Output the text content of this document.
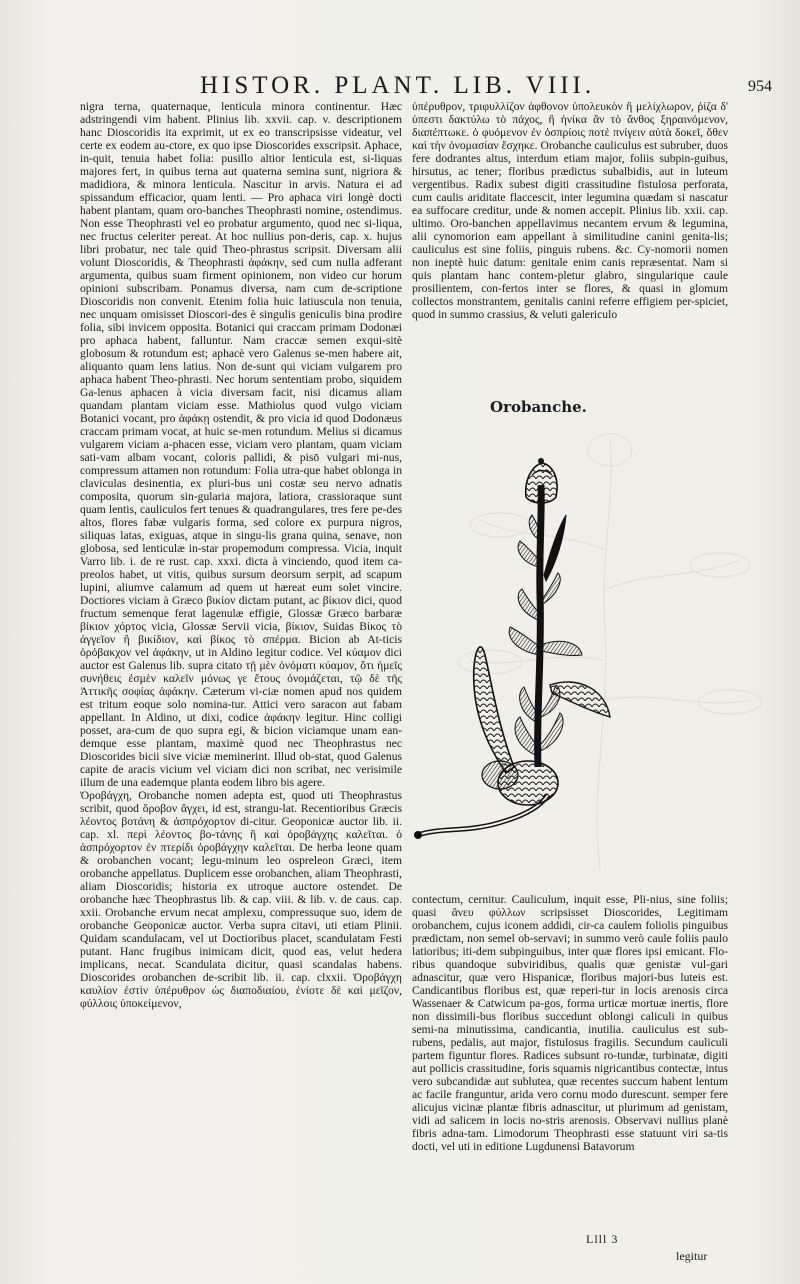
HISTOR. PLANT. LIB. VIII.	954

nigra terna, quaternaque, lenticula minora continentur. Hæc adstringendi vim habent. Plinius lib. xxvii. cap. v. descriptionem hanc Dioscoridis ita exprimit, ut ex eo transcripsisse videatur, vel certe ex eodem au-ctore, ex quo ipse Dioscorides exscripsit. Aphace, in-quit, tenuia habet folia: pusillo altior lenticula est, si-liquas majores fert, in quibus terna aut quaterna semina sunt, nigriora & madidiora, & minora lenticula. Nascitur in arvis. Natura ei ad spissandum efficacior, quam lenti. — Pro aphaca viri longè docti habent plantam, quam oro-banches Theophrasti nomine, ostendimus. Non esse Theophrasti vel eo probatur argumento, quod nec si-liqua, nec fructus celeriter pereat. At hoc nullius pon-deris, cap. x. hujus libri probatur, nec tale quid Theo-phrastus scripsit. Diversam alii volunt Dioscoridis, & Theophrasti ἀφάκην, sed cum nulla adferant argumenta, quibus suam firment opinionem, non video cur horum opinioni subscribam. Ponamus diversa, nam cum de-scriptione Dioscoridis non convenit. Etenim folia huic latiuscula non tenuia, nec unquam omisisset Dioscori-des è singulis geniculis bina prodire folia, sibi invicem opposita. Botanici qui craccam primam Dodonæi pro aphaca habent, falluntur. Nam craccæ semen exqui-sitè globosum & rotundum est; aphacè vero Galenus se-men habere ait, aliquanto quam lens latius. Non de-sunt qui viciam vulgarem pro aphaca habent Theo-phrasti. Nec horum sententiam probo, siquidem Ga-lenus aphacen à vicia diversam facit, nisi dicamus aliam quandam plantam viciam esse. Mathiolus quod vulgo viciam Botanici vocant, pro ἀφάκῃ ostendit, & pro vicia id quod Dodonæus craccam primam vocat, at huic se-men rotundum. Melius si dicamus vulgarem viciam a-phacen esse, viciam vero plantam, quam viciam sati-vam albam vocant, coloris pallidi, & pisō vulgari mi-nus, compressum attamen non rotundum: Folia utra-que habet oblonga in claviculas desinentia, ex pluri-bus uni costæ seu nervo adnatis composita, quorum sin-gularia majora, latiora, crassioraque sunt quam lentis, cauliculos fert tenues & quadrangulares, tres fere pe-des altos, flores fabæ vulgaris forma, sed colore ex purpura nigros, siliquas latas, exiguas, atque in singu-lis grana quina, senave, non globosa, sed lenticulæ in-star propemodum compressa. Vicia, inquit Varro lib. i. de re rust. cap. xxxi. dicta à vinciendo, quod item ca-preolos habet, ut vitis, quibus sursum deorsum serpit, ad scapum lupini, aliumve calamum ad quem ut hæreat eum solet vincire. Doctiores viciam à Græco βικίον dictam putant, ac βίκιον dici, quod fructum semenque ferat lagenulæ effigie, Glossæ Græco barbaræ βίκιον χόρτος vicia, Glossæ Servii vicia, βίκιον, Suidas Βίκος τὸ ἀγγεῖον ἢ βικίδιον, καὶ βίκος τὸ σπέρμα. Bicion ab At-ticis ὀρόβακχον vel ἀφάκην, ut in Aldino legitur codice. Vel κύαμον dici auctor est Galenus lib. supra citato τῇ μὲν ὀνόματι κύαμον, ὅτι ἡμεῖς συνήθεις ἐσμὲν καλεῖν μόνως γε ἔτους ὀνομάζεται, τῷ δὲ τῆς Ἀττικῆς σοφίας ἀφάκην. Cæterum vi-ciæ nomen apud nos quidem est tritum eoque solo nomina-tur. Attici vero saracon aut fabam appellant. In Aldino, ut dixi, codice ἀφάκην legitur. Hinc colligi posset, ara-cum de quo supra egi, & bicion viciamque unam ean-demque esse plantam, maximè quod nec Theophrastus nec Dioscorides bicii sive viciæ meminerint. Illud ob-stat, quod Galenus capite de aracis vicium vel viciam dici non scribat, nec verisimile illum de una eademque planta eodem libro bis agere.

Ὀροβάγχη, Orobanche nomen adepta est, quod uti Theophrastus scribit, quod ὄροβον ἄγχει, id est, strangu-lat. Recentioribus Græcis λέοντος βοτάνη & ἀσπρόχορτον di-citur. Geoponicæ auctor lib. ii. cap. xl. περὶ λέοντος βο-τάνης ἢ καὶ ὀροβάγχης καλεῖται. ὁ ἀσπρόχορτον ἐν πτερίδι ὀροβάγχην καλεῖται. De herba leone quam & orobanchen vocant; legu-minum leo ospreleon Græci, item orobanche appellatus. Duplicem esse orobanchen, aliam Theophrasti, aliam Dioscoridis; historia ex utroque auctore ostendet. De orobanche hæc Theophrastus lib. & cap. viii. & lib. v. de caus. cap. xxii. Orobanche ervum necat amplexu, compressuque suo, idem de orobanche Geoponicæ auctor. Verba supra citavi, uti etiam Plinii. Quidam scandulacam, vel ut Doctioribus placet, scandulatam Festi putant. Hanc frugibus inimicam dicit, quod eas, velut hedera implicans, necat. Scandulata dicitur, quasi scandalas habens. Dioscorides orobanchen de-scribit lib. ii. cap. clxxii. Ὀροβάγχη καυλίον ἐστὶν ὑπέρυθρον ὡς διαποδιαίου, ἐνίοτε δὲ καὶ μεῖζον, φύλλοις ὑποκείμενον,

ὑπέρυθρον, τριφυλλίζον ἀφθονον ὑπολευκὸν ἢ μελίχλωρον, ῥίζα δ' ὑπεστι δακτύλω τὸ πάχος, ἣ ἡνίκα ἂν τὸ ἄνθος ξηραινόμενον, διαπέπτωκε. ὁ φυόμενον ἐν ὀσπρίοις ποτὲ πνίγειν αὐτὰ δοκεῖ, ὅθεν καὶ τὴν ὀνομασίαν ἔσχηκε. Orobanche cauliculus est subruber, duos fere dodrantes altus, interdum etiam major, foliis subpin-guibus, hirsutus, ac tener; floribus prædictus subalbidis, aut in luteum vergentibus. Radix subest digiti crassitudine fistulosa perforata, cum caulis ariditate flaccescit, inter legumina quædam si nascatur ea suffocare creditur, unde & nomen accepit. Plinius lib. xxii. cap. ultimo. Oro-banchen appellavimus necantem ervum & legumina, alii cynomorion eam appellant à similitudine canini genita-lis; cauliculus est sine foliis, pinguis rubens. &c. Cy-nomorii nomen non ineptè huic datum: genitale enim canis repræsentat. Nam si quis plantam hanc contem-pletur glabro, singularique caule prosilientem, con-fertos inter se flores, & quasi in glomum collectos monstrantem, genitalis canini referre effigiem per-spiciet, quod in summo crassius, & veluti galericulo

Orobanche.

contectum, cernitur. Cauliculum, inquit esse, Pli-nius, sine foliis; quasi ἄνευ φύλλων scripsisset Dioscorides, Legitimam orobanchem, cujus iconem addidi, cir-ca caulem foliolis pinguibus prædictam, non semel ob-servavi; in summo verò caule foliis paulo latioribus; iti-dem subpinguibus, inter quæ flores ipsi emicant. Flo-ribus quandoque subviridibus, qualis quæ genistæ vul-gari adnascitur, quæ vero Hispanicæ, floribus majori-bus luteis est. Candicantibus floribus est, quæ reperi-tur in locis arenosis circa Wassenaer & Catwicum pa-gos, forma urticæ mortuæ inertis, flore non dissimili-bus floribus succedunt oblongi caliculi in quibus semi-na minutissima, candicantia, inutilia. cauliculus est sub-rubens, pedalis, aut major, fistulosus fragilis. Secundum cauliculi partem figuntur flores. Radices subsunt ro-tundæ, turbinatæ, digiti aut pollicis crassitudine, foris squamis nigricantibus contectæ, intus vero subcandidæ aut sublutea, quæ recentes succum habent lentum ac facile franguntur, arida vero cornu modo durescunt. semper fere alicujus vicinæ plantæ fibris adnascitur, ut plurimum ad genistam, vidi ad salicem in locis no-stris arenosis. Observavi nullius planè fibris adna-tam. Limodorum Theophrasti esse statuunt viri sa-tis docti, vel uti in editione Lugdunensi Batavorum

Llll 3
legitur
